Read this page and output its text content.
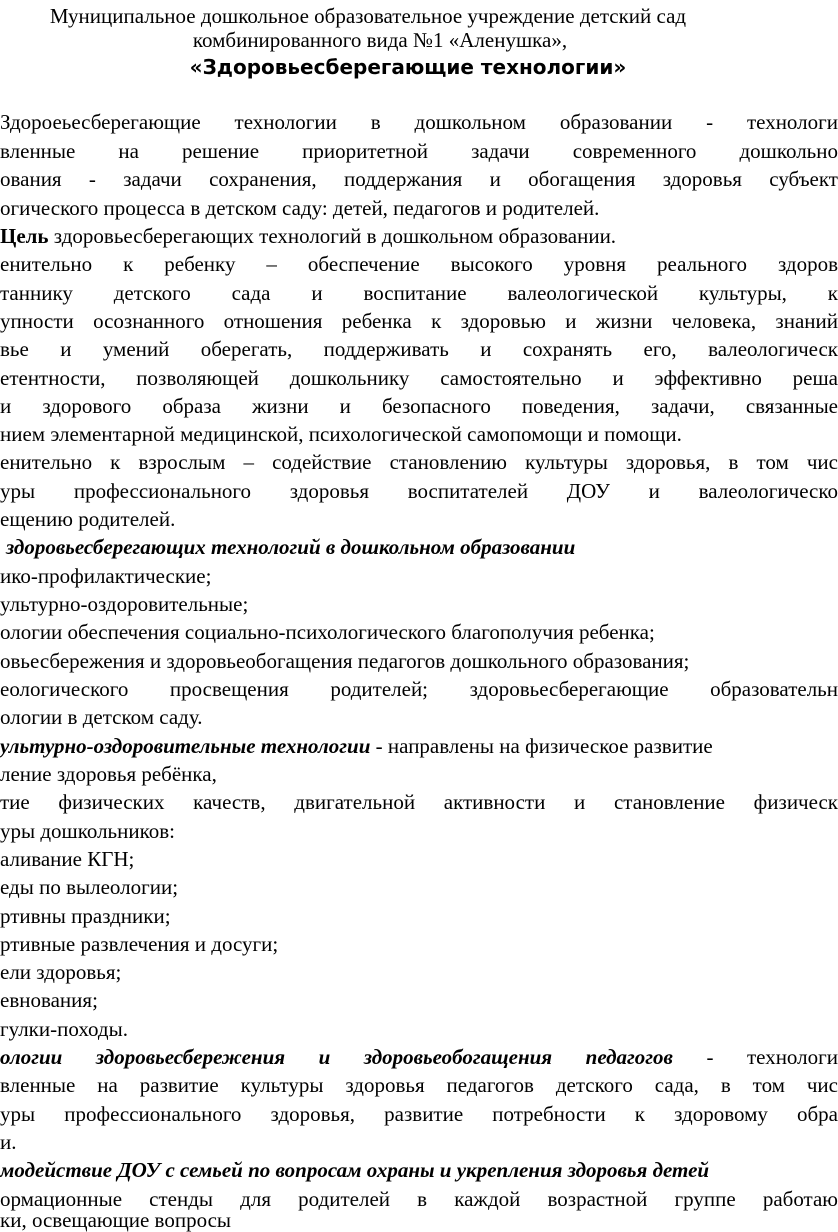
Муниципальное дошкольное образовательное учреждение детский сад
комбинированного вида №1 «Аленушка»,
«Здоровьесберегающие технологии»
Здороеьесберегающие технологии в дошкольном образовании - технологи
вленные на решение приоритетной задачи современного дошкольно
ования - задачи сохранения, поддержания и обогащения здоровья субъект
огического процесса в детском саду: детей, педагогов и родителей.
Цель здоровьесберегающих технологий в дошкольном образовании.
енительно к ребенку – обеспечение высокого уровня реального здоров
таннику детского сада и воспитание валеологической культуры, к
упности осознанного отношения ребенка к здоровью и жизни человека, знаний
вье и умений оберегать, поддерживать и сохранять его, валеологическ
етентности, позволяющей дошкольнику самостоятельно и эффективно реша
и здорового образа жизни и безопасного поведения, задачи, связанные
нием элементарной медицинской, психологической самопомощи и помощи.
енительно к взрослым – содействие становлению культуры здоровья, в том чис
уры профессионального здоровья воспитателей ДОУ и валеологическо
ещению родителей.
здоровьесберегающих технологий в дошкольном образовании
ико-профилактические;
ультурно-оздоровительные;
ологии обеспечения социально-психологического благополучия ребенка;
овьесбережения и здоровьеобогащения педагогов дошкольного образования;
еологического просвещения родителей; здоровьесберегающие образовательн
ологии в детском саду.
ультурно-оздоровительные технологии - направлены на физическое развитие
ление здоровья ребёнка,
тие физических качеств, двигательной активности и становление физическ
уры дошкольников:
аливание КГН;
еды по вылеологии;
ртивны праздники;
ртивные развлечения и досуги;
ели здоровья;
евнования;
гулки-походы.
ологии здоровьесбережения и здоровьеобогащения педагогов - технологи
вленные на развитие культуры здоровья педагогов детского сада, в том чис
уры профессионального здоровья, развитие потребности к здоровому обра
и.
модействие ДОУ с семьей по вопросам охраны и укрепления здоровья детей
ормационные стенды для родителей в каждой возрастной группе работаю
ки, освещающие вопросы
